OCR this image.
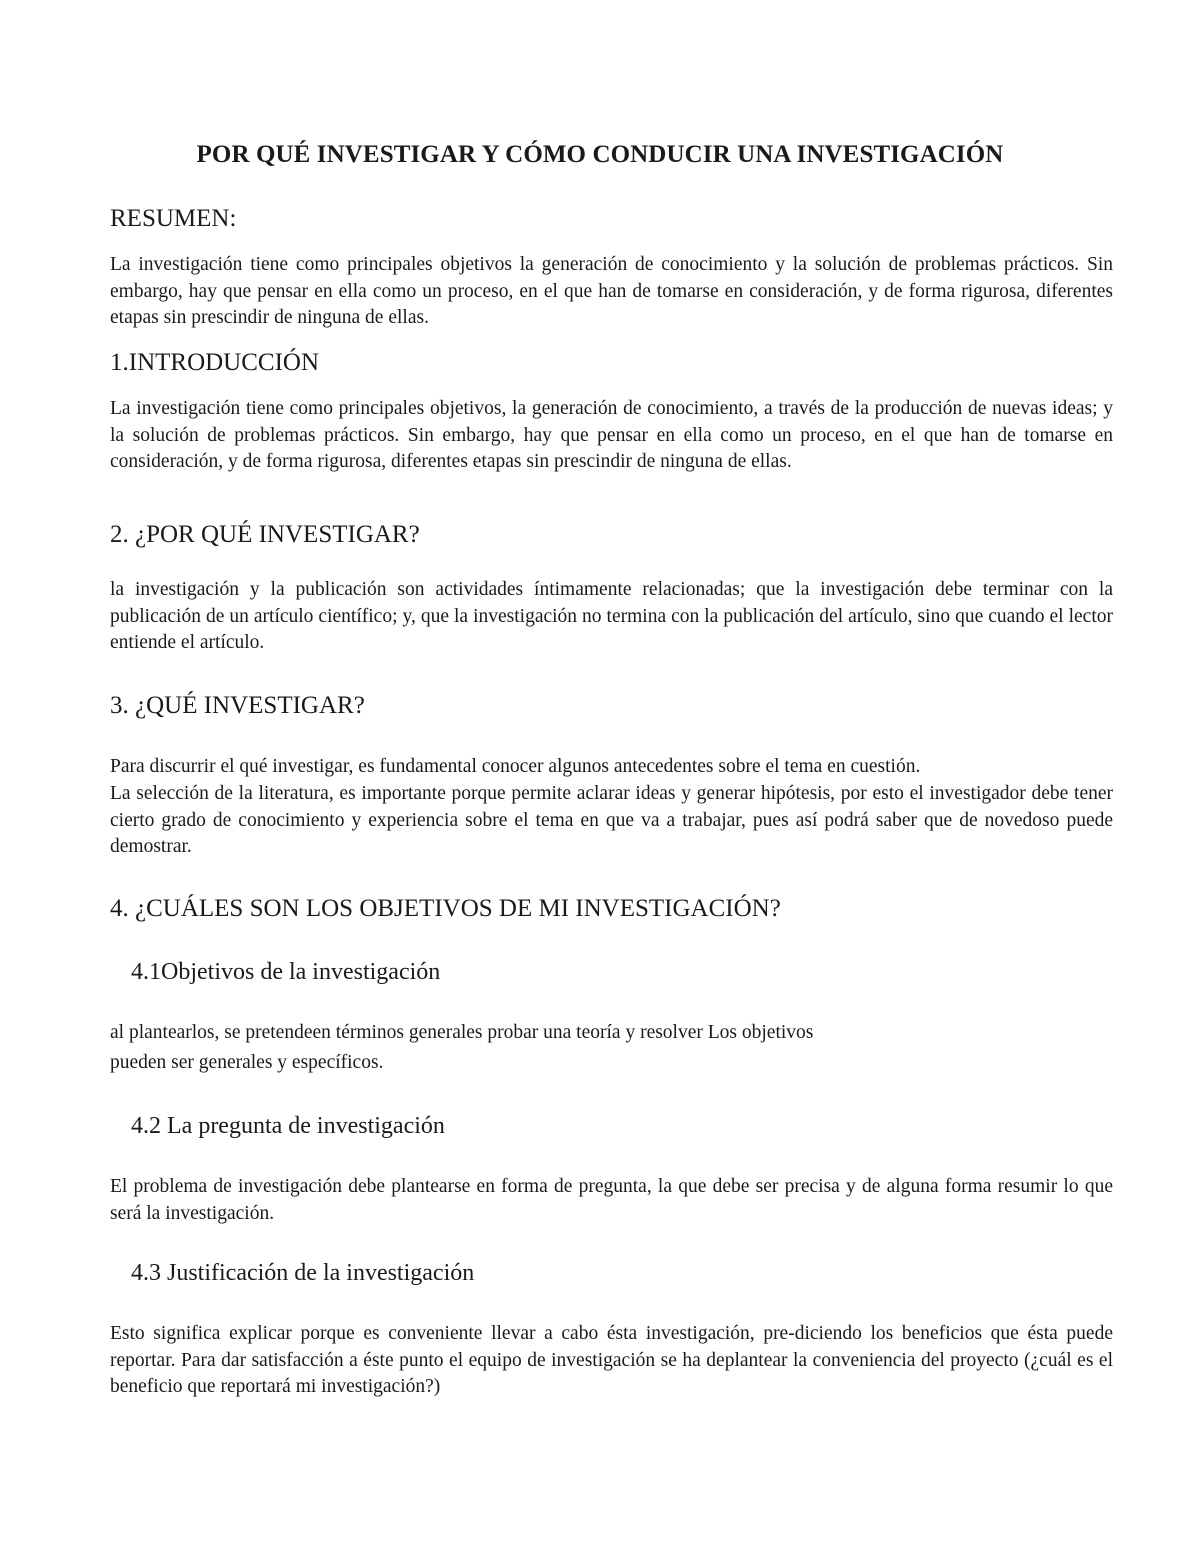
POR QUÉ INVESTIGAR Y CÓMO CONDUCIR UNA INVESTIGACIÓN
RESUMEN:
La investigación tiene como principales objetivos la generación de conocimiento y la solución de problemas prácticos. Sin embargo, hay que pensar en ella como un proceso, en el que han de tomarse en consideración, y de forma rigurosa, diferentes etapas sin prescindir de ninguna de ellas.
1.INTRODUCCIÓN
La investigación tiene como principales objetivos, la generación de conocimiento, a través de la producción de nuevas ideas; y la solución de problemas prácticos. Sin embargo, hay que pensar en ella como un proceso, en el que han de tomarse en consideración, y de forma rigurosa, diferentes etapas sin prescindir de ninguna de ellas.
2. ¿POR QUÉ INVESTIGAR?
la investigación y la publicación son actividades íntimamente relacionadas; que la investigación debe terminar con la publicación de un artículo científico; y, que la investigación no termina con la publicación del artículo, sino que cuando el lector entiende el artículo.
3. ¿QUÉ INVESTIGAR?
Para discurrir el qué investigar, es fundamental conocer algunos antecedentes sobre el tema en cuestión.
La selección de la literatura, es importante porque permite aclarar ideas y generar hipótesis, por esto el investigador debe tener cierto grado de conocimiento y experiencia sobre el tema en que va a trabajar, pues así podrá saber que de novedoso puede demostrar.
4. ¿CUÁLES SON LOS OBJETIVOS DE MI INVESTIGACIÓN?
4.1Objetivos de la investigación
al plantearlos, se pretendeen términos generales probar una teoría y resolver Los objetivos
pueden ser generales y específicos.
4.2 La pregunta de investigación
El problema de investigación debe plantearse en forma de pregunta, la que debe ser precisa y de alguna forma resumir lo que será la investigación.
4.3 Justificación de la investigación
Esto significa explicar porque es conveniente llevar a cabo ésta investigación, pre-diciendo los beneficios que ésta puede reportar. Para dar satisfacción a éste punto el equipo de investigación se ha deplantear la conveniencia del proyecto (¿cuál es el beneficio que reportará mi investigación?)
